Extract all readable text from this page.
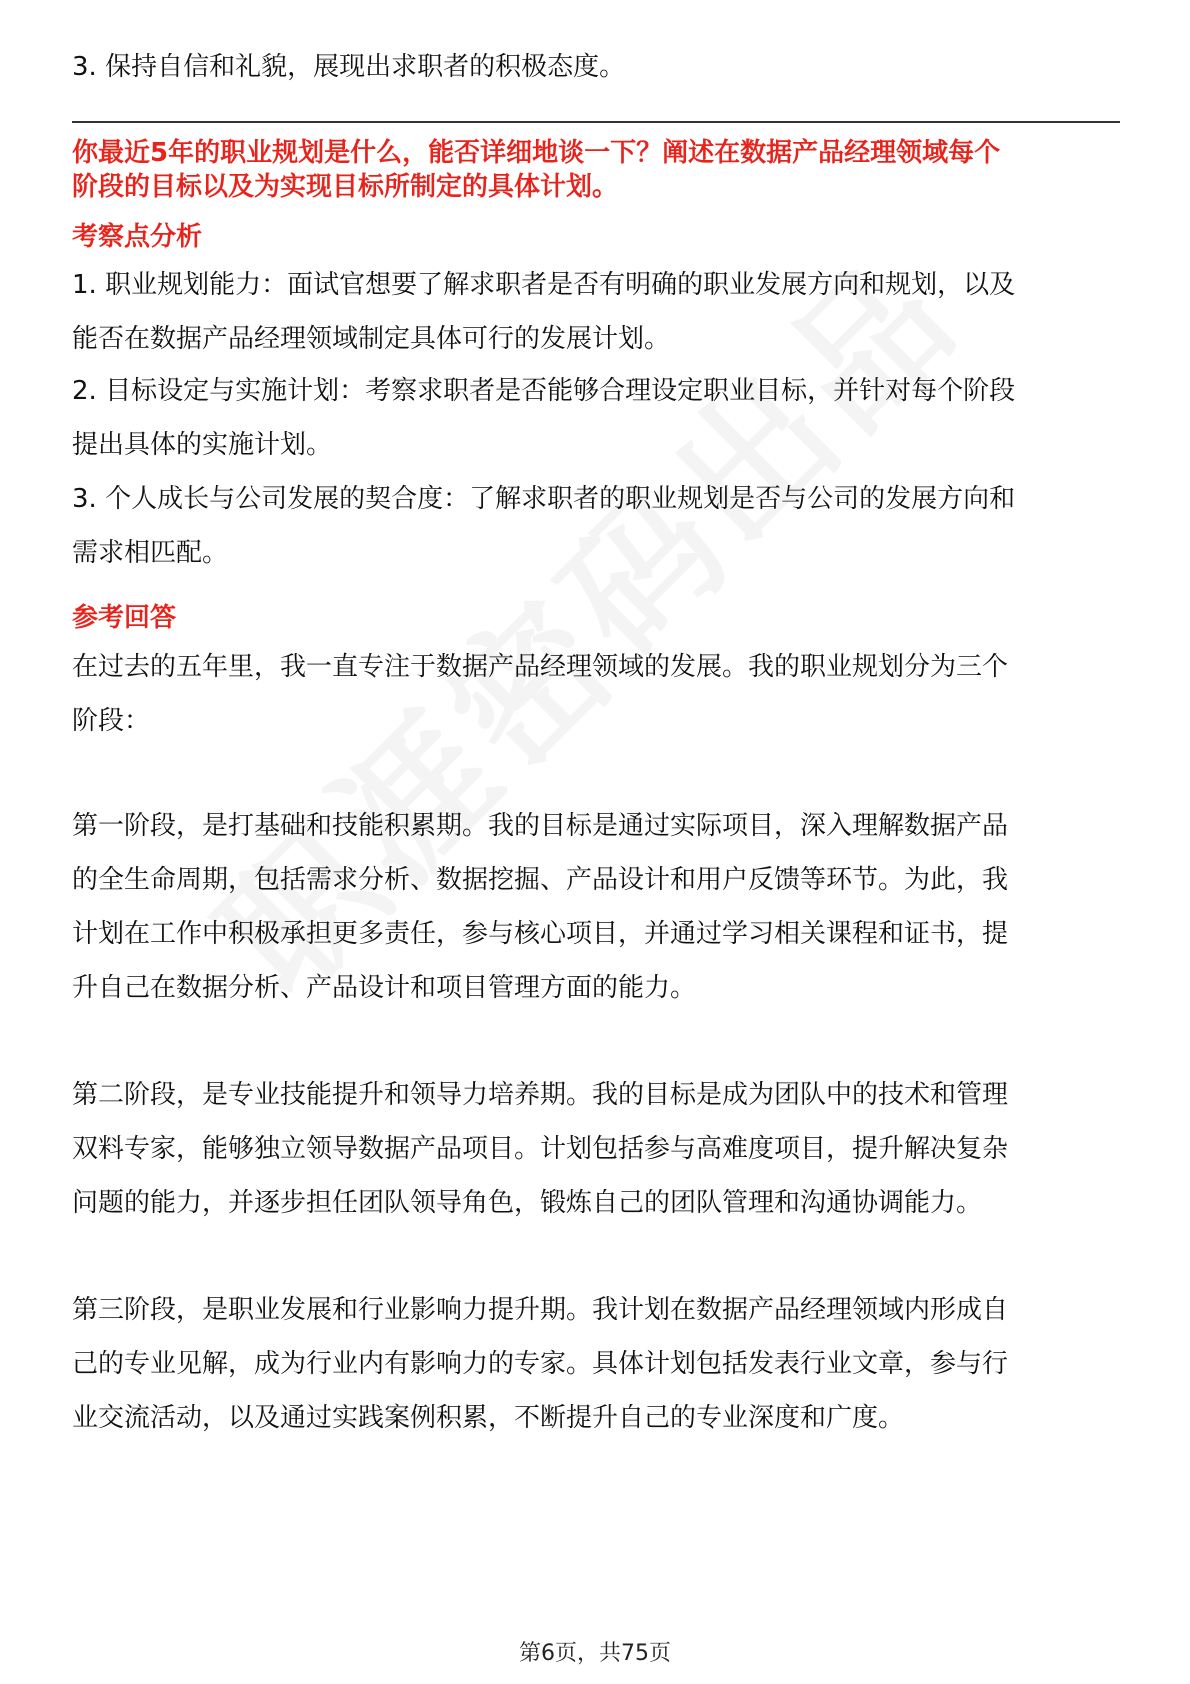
3. 保持自信和礼貌，展现出求职者的积极态度。
你最近5年的职业规划是什么，能否详细地谈一下？阐述在数据产品经理领域每个
阶段的目标以及为实现目标所制定的具体计划。
考察点分析
1. 职业规划能力：面试官想要了解求职者是否有明确的职业发展方向和规划，以及
能否在数据产品经理领域制定具体可行的发展计划。
2. 目标设定与实施计划：考察求职者是否能够合理设定职业目标，并针对每个阶段
提出具体的实施计划。
3. 个人成长与公司发展的契合度：了解求职者的职业规划是否与公司的发展方向和
需求相匹配。
参考回答
在过去的五年里，我一直专注于数据产品经理领域的发展。我的职业规划分为三个
阶段：
第一阶段，是打基础和技能积累期。我的目标是通过实际项目，深入理解数据产品
的全生命周期，包括需求分析、数据挖掘、产品设计和用户反馈等环节。为此，我
计划在工作中积极承担更多责任，参与核心项目，并通过学习相关课程和证书，提
升自己在数据分析、产品设计和项目管理方面的能力。
第二阶段，是专业技能提升和领导力培养期。我的目标是成为团队中的技术和管理
双料专家，能够独立领导数据产品项目。计划包括参与高难度项目，提升解决复杂
问题的能力，并逐步担任团队领导角色，锻炼自己的团队管理和沟通协调能力。
第三阶段，是职业发展和行业影响力提升期。我计划在数据产品经理领域内形成自
己的专业见解，成为行业内有影响力的专家。具体计划包括发表行业文章，参与行
业交流活动，以及通过实践案例积累，不断提升自己的专业深度和广度。
第6页，共75页
